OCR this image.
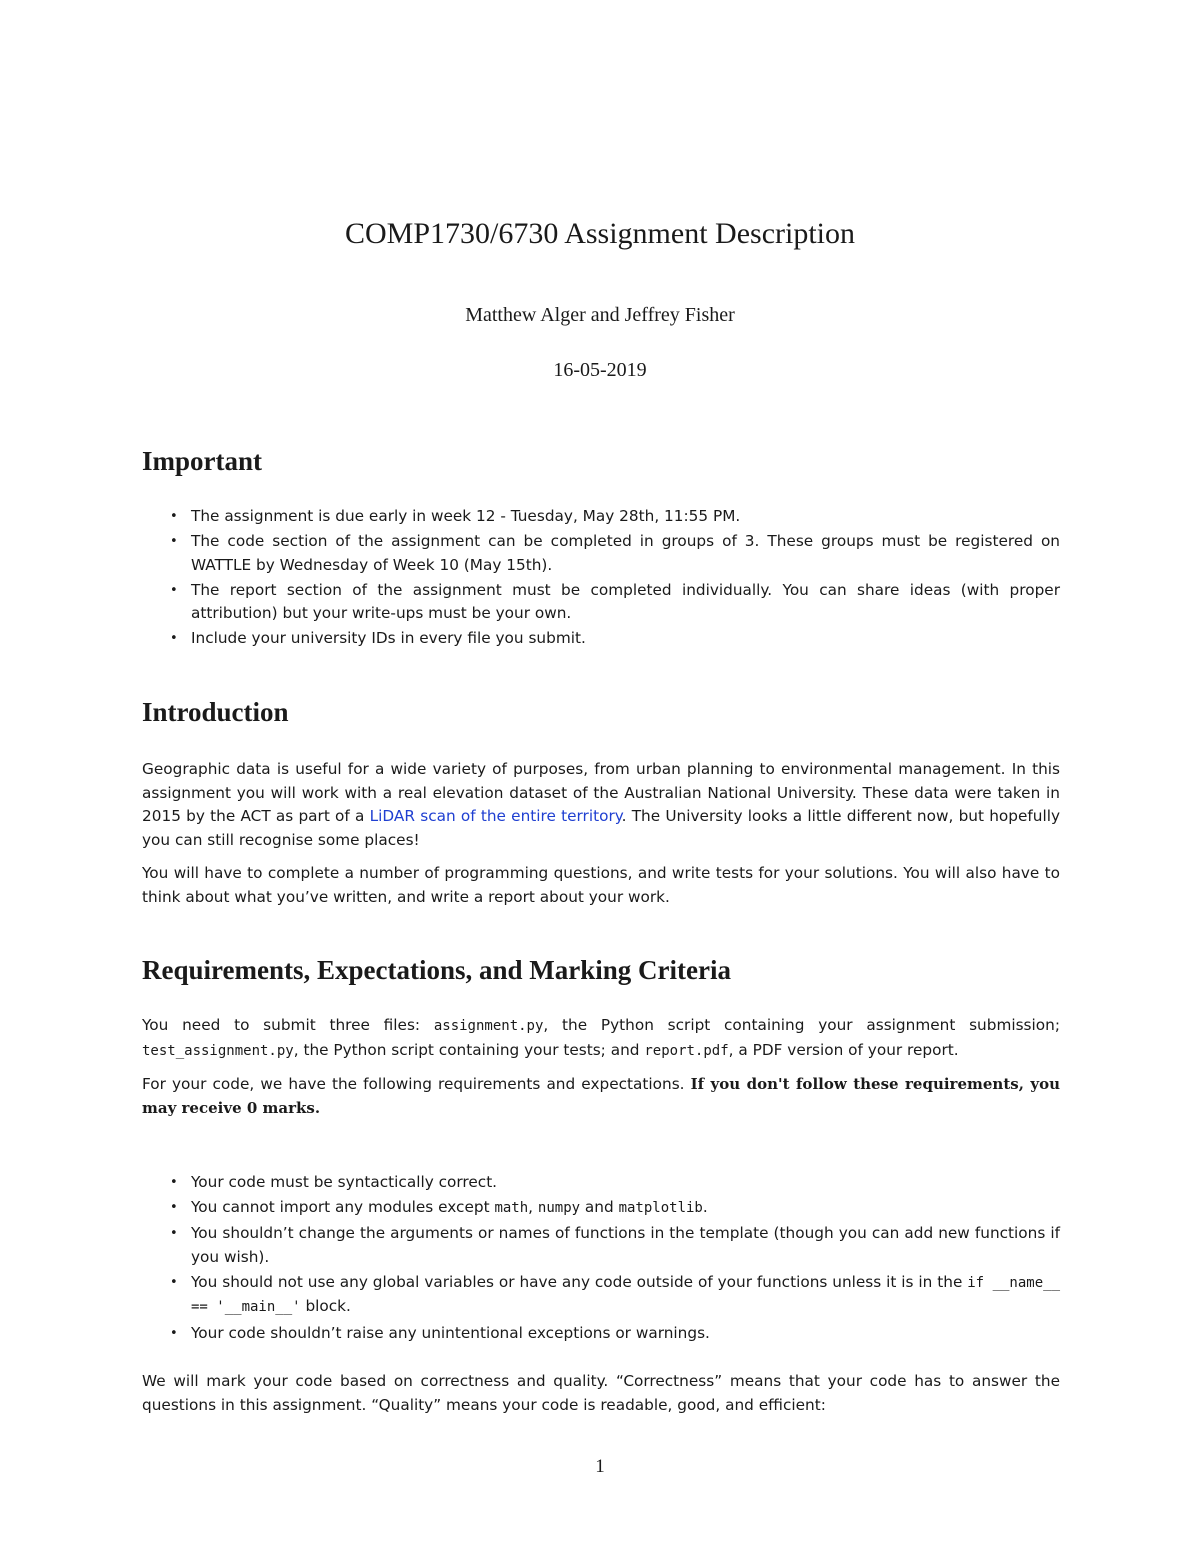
COMP1730/6730 Assignment Description
Matthew Alger and Jeffrey Fisher
16-05-2019
Important
• The assignment is due early in week 12 - Tuesday, May 28th, 11:55 PM.
• The code section of the assignment can be completed in groups of 3. These groups must be registered on WATTLE by Wednesday of Week 10 (May 15th).
• The report section of the assignment must be completed individually. You can share ideas (with proper attribution) but your write-ups must be your own.
• Include your university IDs in every file you submit.
Introduction

Geographic data is useful for a wide variety of purposes, from urban planning to environmental management. In this assignment you will work with a real elevation dataset of the Australian National University. These data were taken in 2015 by the ACT as part of a LiDAR scan of the entire territory. The University looks a little different now, but hopefully you can still recognise some places!

You will have to complete a number of programming questions, and write tests for your solutions. You will also have to think about what you’ve written, and write a report about your work.

Requirements, Expectations, and Marking Criteria

You need to submit three files: assignment.py, the Python script containing your assignment submission; test_assignment.py, the Python script containing your tests; and report.pdf, a PDF version of your report.

For your code, we have the following requirements and expectations. If you don't follow these requirements, you may receive 0 marks.

• Your code must be syntactically correct.
• You cannot import any modules except math, numpy and matplotlib.
• You shouldn’t change the arguments or names of functions in the template (though you can add new functions if you wish).
• You should not use any global variables or have any code outside of your functions unless it is in the if __name__ == '__main__' block.
• Your code shouldn’t raise any unintentional exceptions or warnings.

We will mark your code based on correctness and quality. “Correctness” means that your code has to answer the questions in this assignment. “Quality” means your code is readable, good, and efficient:

1
